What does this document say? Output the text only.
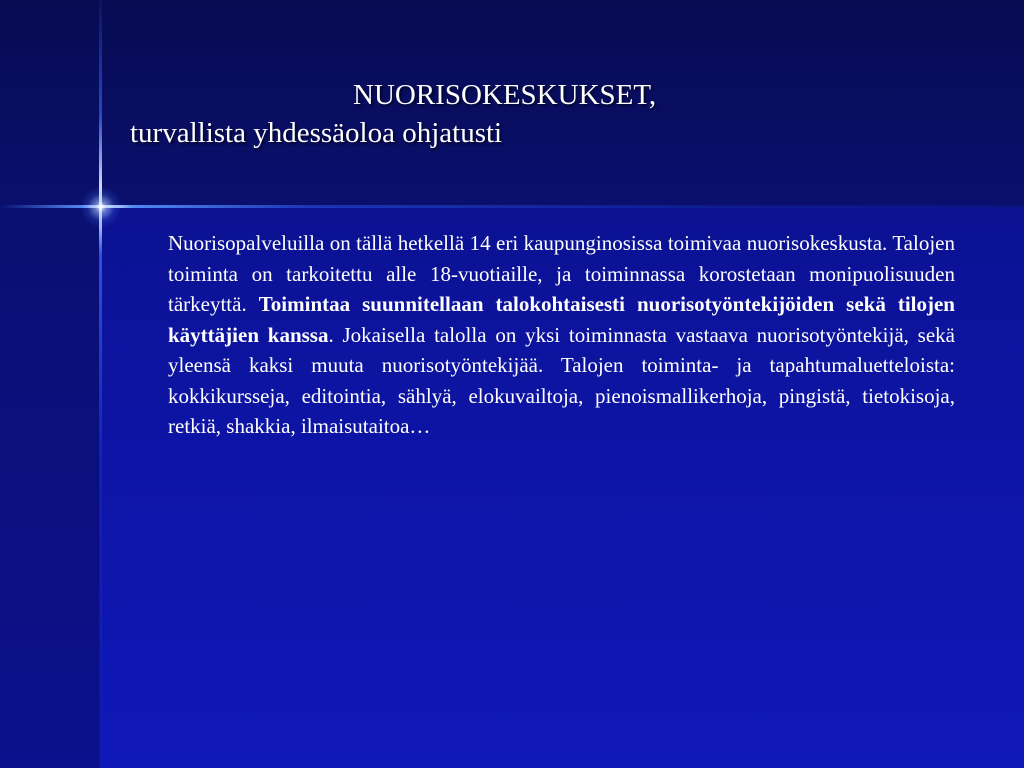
NUORISOKESKUKSET,
turvallista yhdessäoloa ohjatusti
Nuorisopalveluilla on tällä hetkellä 14 eri kaupunginosissa toimivaa nuorisokeskusta. Talojen toiminta on tarkoitettu alle 18-vuotiaille, ja toiminnassa korostetaan monipuolisuuden tärkeyttä. Toimintaa suunnitellaan talokohtaisesti nuorisotyöntekijöiden sekä tilojen käyttäjien kanssa. Jokaisella talolla on yksi toiminnasta vastaava nuorisotyöntekijä, sekä yleensä kaksi muuta nuorisotyöntekijää. Talojen toiminta- ja tapahtumaluetteloista: kokkikursseja, editointia, sählyä, elokuvailtoja, pienoismallikerhoja, pingistä, tietokisoja, retkiä, shakkia, ilmaisutaitoa…
